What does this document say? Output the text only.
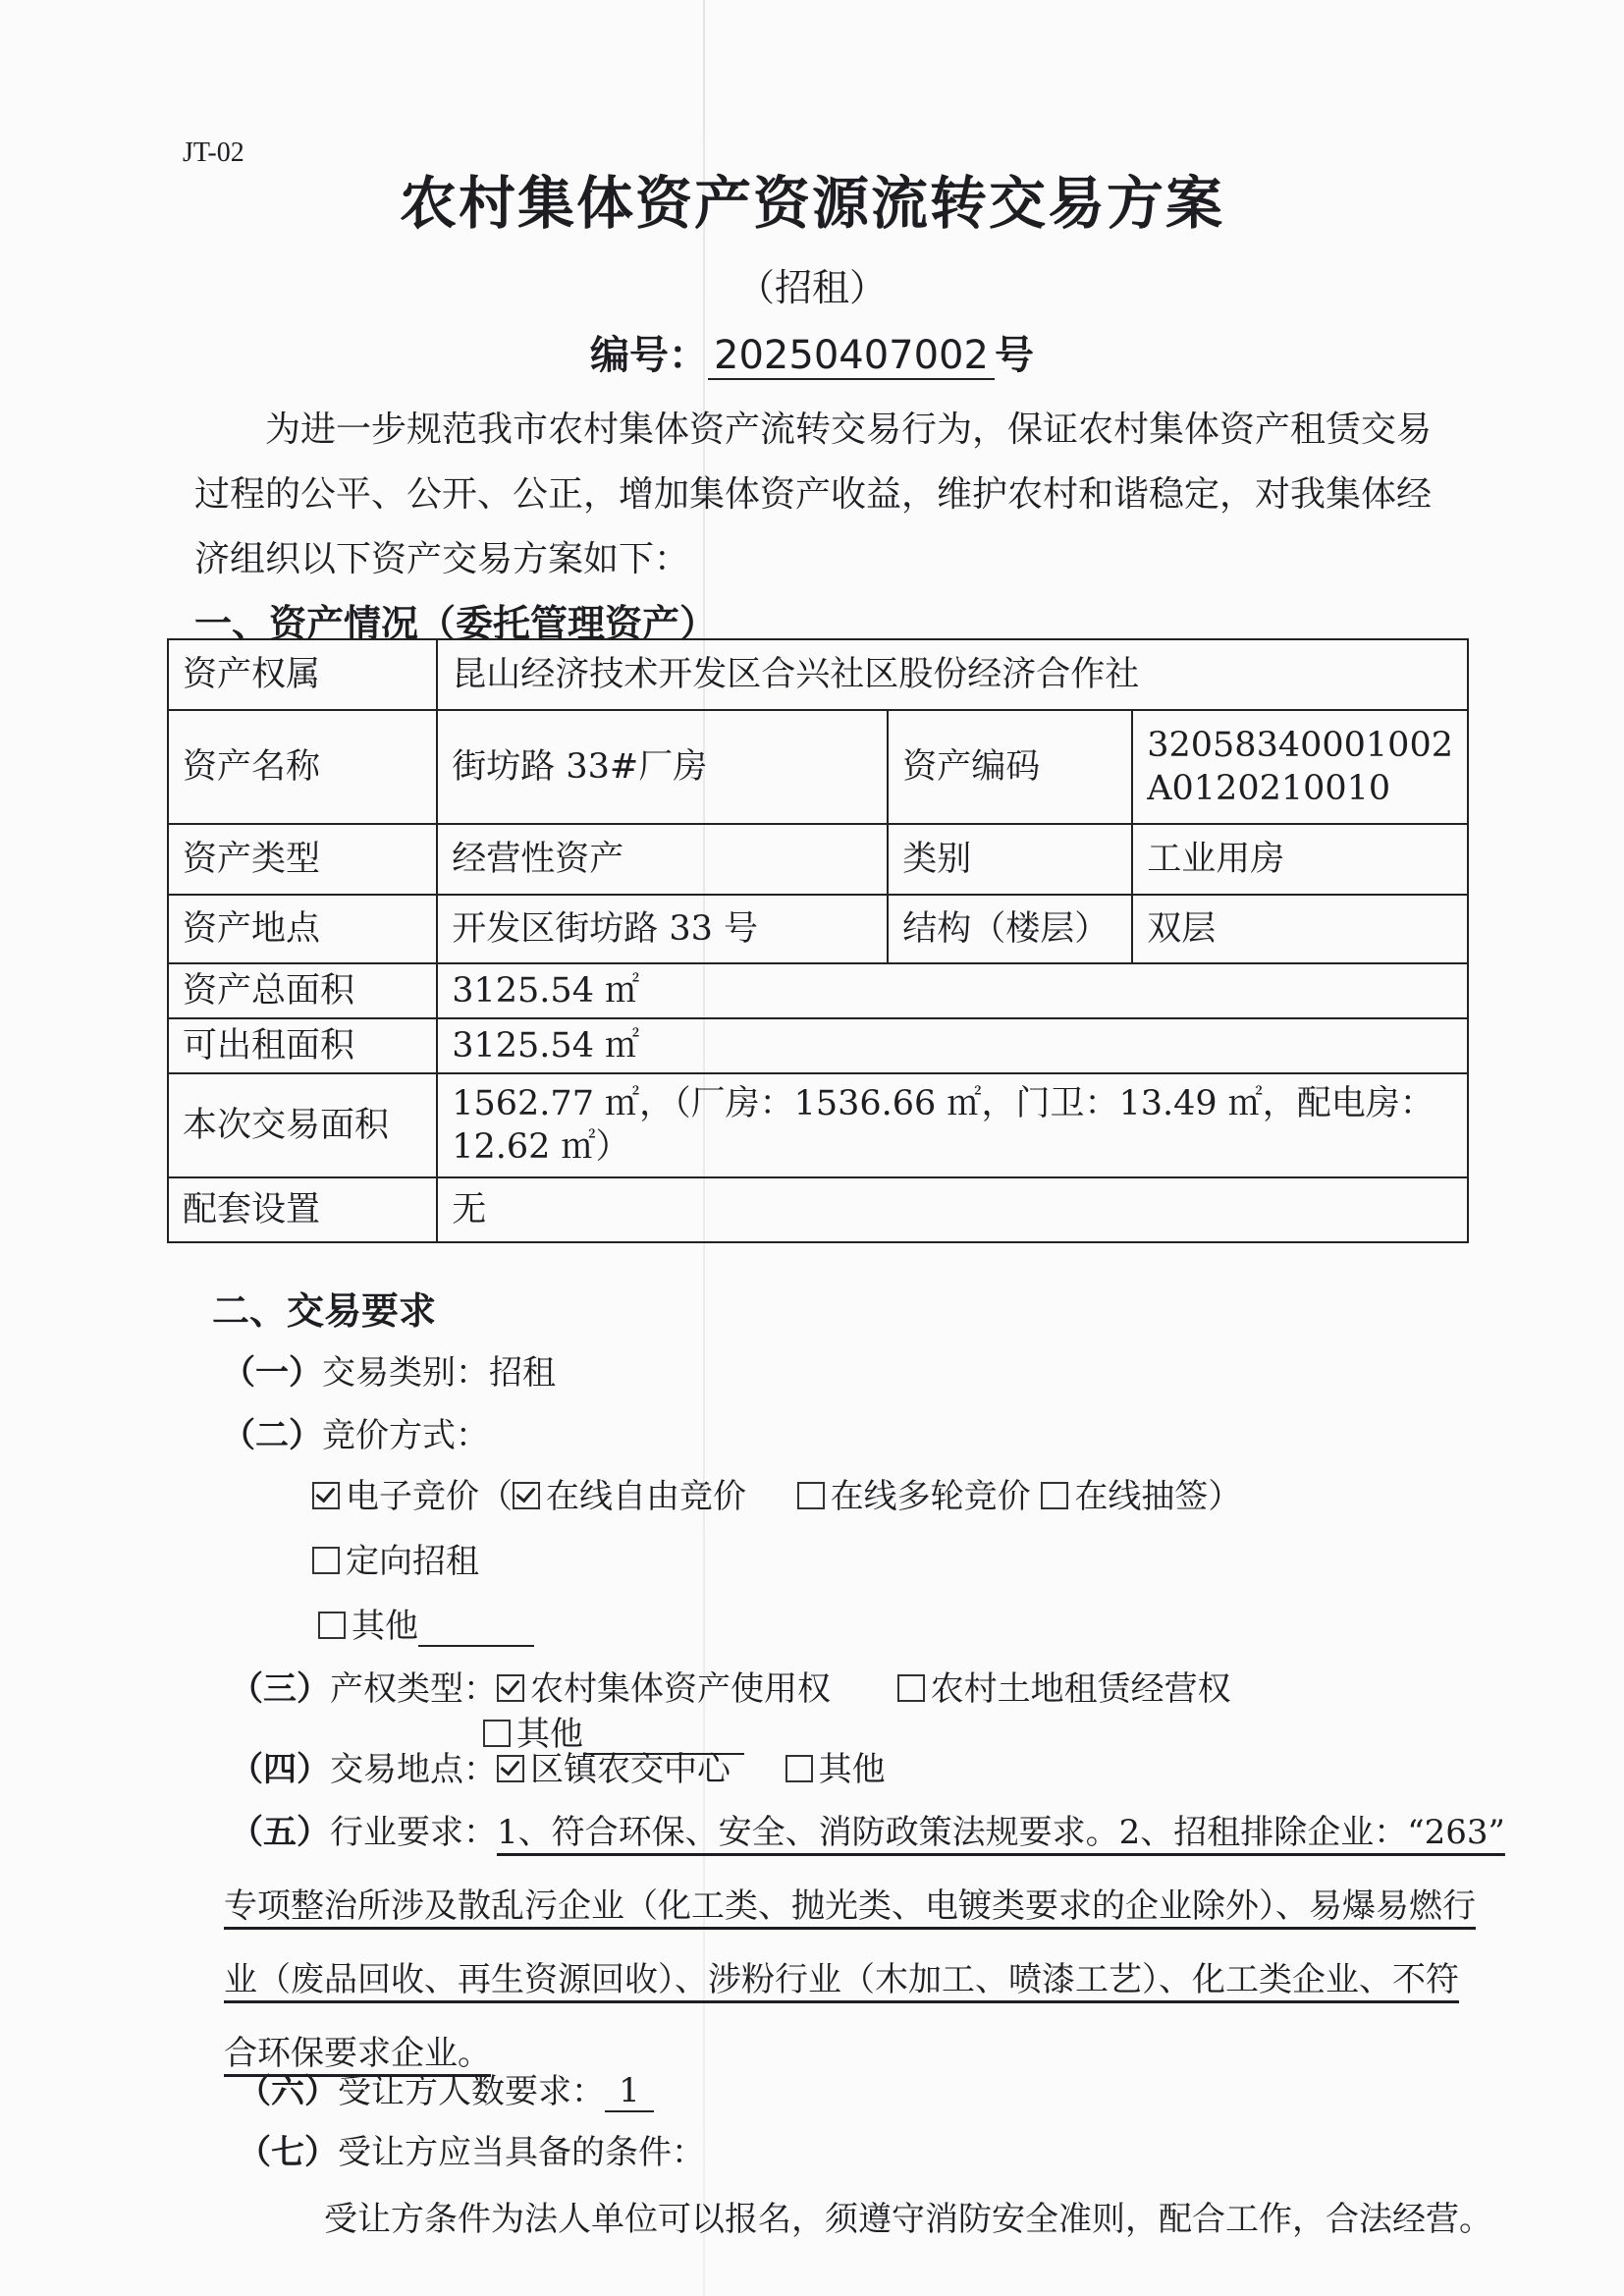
JT-02
农村集体资产资源流转交易方案
（招租）
编号： 20250407002 号
为进一步规范我市农村集体资产流转交易行为，保证农村集体资产租赁交易过程的公平、公开、公正，增加集体资产收益，维护农村和谐稳定，对我集体经济组织以下资产交易方案如下：
一、资产情况（委托管理资产）
资产权属	昆山经济技术开发区合兴社区股份经济合作社		
资产名称	街坊路 33#厂房	资产编码	32058340001002
A0120210010

资产类型	经营性资产	类别	工业用房
资产地点	开发区街坊路 33 号	结构（楼层）	双层
资产总面积	3125.54 ㎡		
可出租面积	3125.54 ㎡		
本次交易面积	1562.77 ㎡，（厂房：1536.66 ㎡，门卫：13.49 ㎡，配电房：12.62 ㎡）		
配套设置	无		
二、交易要求
（一）交易类别：招租
（二）竞价方式：
电子竞价（ 在线自由竞价	在线多轮竞价 在线抽签）
定向招租
其他
（三）产权类型： 农村集体资产使用权	农村土地租赁经营权
其他
（四）交易地点： 区镇农交中心	其他
（五）行业要求：1、符合环保、安全、消防政策法规要求。2、招租排除企业：“263”
专项整治所涉及散乱污企业（化工类、抛光类、电镀类要求的企业除外）、易爆易燃行
业（废品回收、再生资源回收）、涉粉行业（木加工、喷漆工艺）、化工类企业、不符
合环保要求企业。
（六）受让方人数要求： 1
（七）受让方应当具备的条件：
受让方条件为法人单位可以报名，须遵守消防安全准则，配合工作，合法经营。
